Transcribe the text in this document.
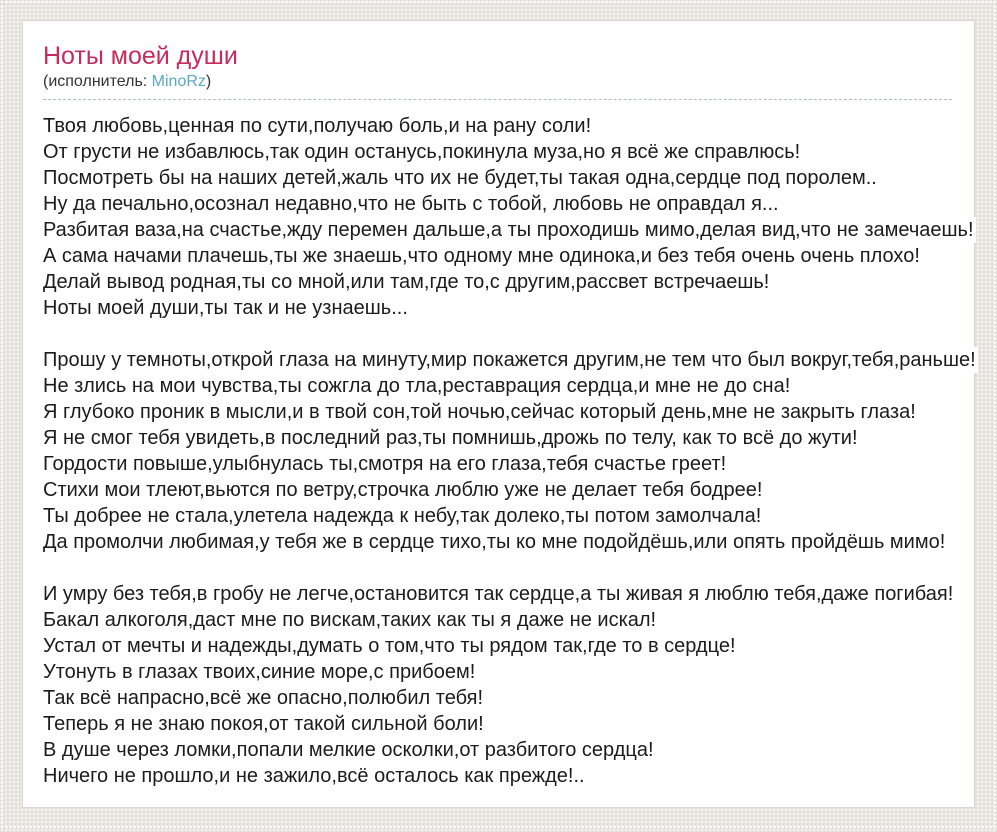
Ноты моей души
(исполнитель: MinoRz)
Твоя любовь,ценная по сути,получаю боль,и на рану соли!
От грусти не избавлюсь,так один останусь,покинула муза,но я всё же справлюсь!
Посмотреть бы на наших детей,жаль что их не будет,ты такая одна,сердце под поролем..
Ну да печально,осознал недавно,что не быть с тобой, любовь не оправдал я...
Разбитая ваза,на счастье,жду перемен дальше,а ты проходишь мимо,делая вид,что не замечаешь!
А сама начами плачешь,ты же знаешь,что одному мне одинока,и без тебя очень очень плохо!
Делай вывод родная,ты со мной,или там,где то,с другим,рассвет встречаешь!
Ноты моей души,ты так и не узнаешь...
Прошу у темноты,открой глаза на минуту,мир покажется другим,не тем что был вокруг,тебя,раньше!
Не злись на мои чувства,ты сожгла до тла,реставрация сердца,и мне не до сна!
Я глубоко проник в мысли,и в твой сон,той ночью,сейчас который день,мне не закрыть глаза!
Я не смог тебя увидеть,в последний раз,ты помнишь,дрожь по телу, как то всё до жути!
Гордости повыше,улыбнулась ты,смотря на его глаза,тебя счастье греет!
Стихи мои тлеют,вьются по ветру,строчка люблю уже не делает тебя бодрее!
Ты добрее не стала,улетела надежда к небу,так долеко,ты потом замолчала!
Да промолчи любимая,у тебя же в сердце тихо,ты ко мне подойдёшь,или опять пройдёшь мимо!
И умру без тебя,в гробу не легче,остановится так сердце,а ты живая я люблю тебя,даже погибая!
Бакал алкоголя,даст мне по вискам,таких как ты я даже не искал!
Устал от мечты и надежды,думать о том,что ты рядом так,где то в сердце!
Утонуть в глазах твоих,синие море,с прибоем!
Так всё напрасно,всё же опасно,полюбил тебя!
Теперь я не знаю покоя,от такой сильной боли!
В душе через ломки,попали мелкие осколки,от разбитого сердца!
Ничего не прошло,и не зажило,всё осталось как прежде!..
